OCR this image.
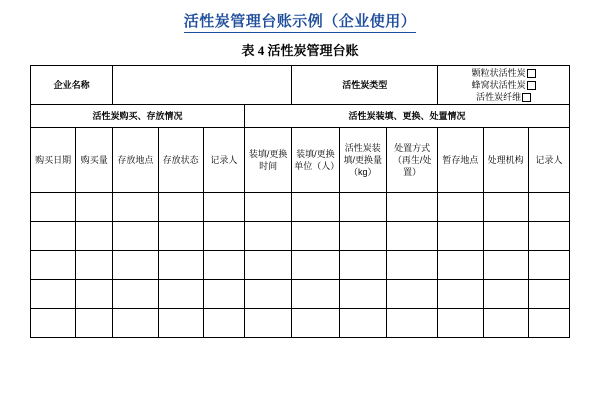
活性炭管理台账示例（企业使用）
表 4 活性炭管理台账
企业名称						活性炭类型			颗粒状活性炭
蜂窝状活性炭
活性炭纤维		

活性炭购买、存放情况					活性炭装填、更换、处置情况						
购买日期	购买量	存放地点	存放状态	记录人	装填/更换时间	装填/更换单位（人）	活性炭装填/更换量（kg）	处置方式（再生/处置）	暂存地点	处理机构	记录人
